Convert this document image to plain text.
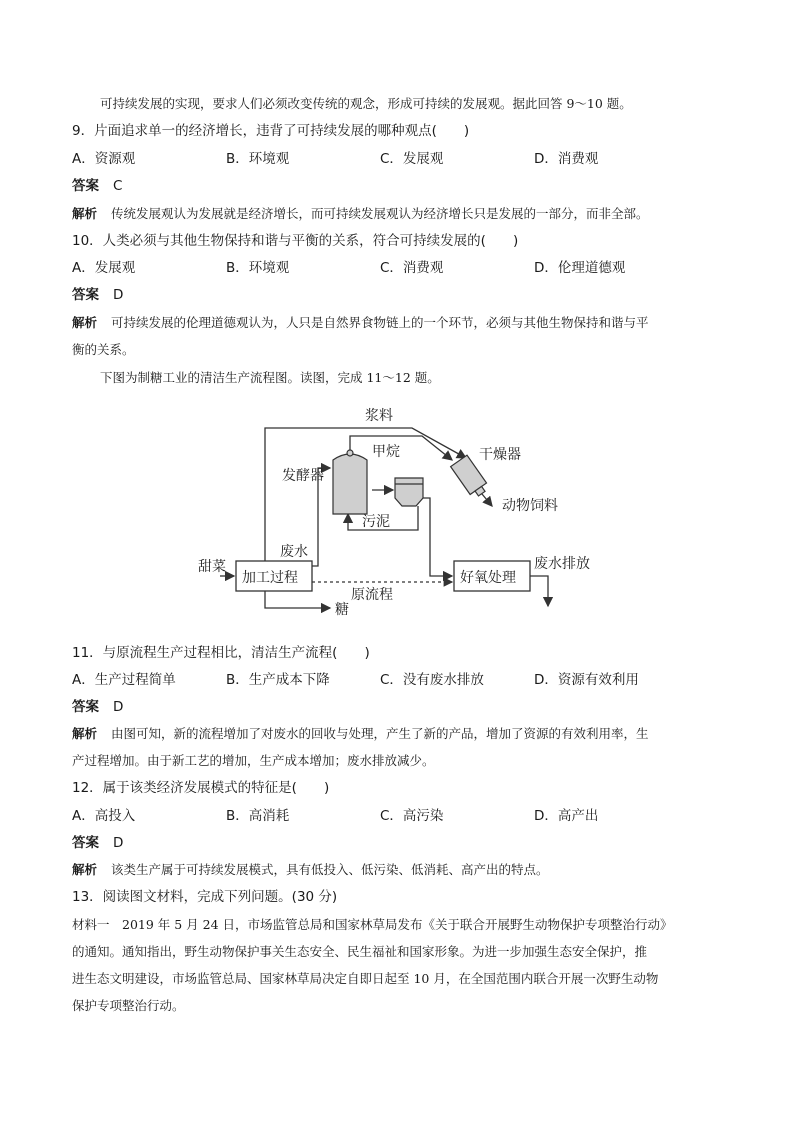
可持续发展的实现，要求人们必须改变传统的观念，形成可持续的发展观。据此回答 9～10 题。
9．片面追求单一的经济增长，违背了可持续发展的哪种观点(　　)
A．资源观	B．环境观	C．发展观	D．消费观
答案 C
解析 传统发展观认为发展就是经济增长，而可持续发展观认为经济增长只是发展的一部分，而非全部。
10．人类必须与其他生物保持和谐与平衡的关系，符合可持续发展的(　　)
A．发展观	B．环境观	C．消费观	D．伦理道德观
答案 D
解析 可持续发展的伦理道德观认为，人只是自然界食物链上的一个环节，必须与其他生物保持和谐与平
衡的关系。
下图为制糖工业的清洁生产流程图。读图，完成 11～12 题。
浆料
甲烷	干燥器
发酵器
动物饲料
污泥
甜菜
废水
加工过程
原流程
好氧处理
废水排放
糖
11．与原流程生产过程相比，清洁生产流程(　　)
A．生产过程简单	B．生产成本下降	C．没有废水排放	D．资源有效利用
答案 D
解析 由图可知，新的流程增加了对废水的回收与处理，产生了新的产品，增加了资源的有效利用率，生
产过程增加。由于新工艺的增加，生产成本增加；废水排放减少。
12．属于该类经济发展模式的特征是(　　)
A．高投入	B．高消耗	C．高污染	D．高产出
答案 D
解析 该类生产属于可持续发展模式，具有低投入、低污染、低消耗、高产出的特点。
13．阅读图文材料，完成下列问题。(30 分)
材料一　2019 年 5 月 24 日，市场监管总局和国家林草局发布《关于联合开展野生动物保护专项整治行动》
的通知。通知指出，野生动物保护事关生态安全、民生福祉和国家形象。为进一步加强生态安全保护，推
进生态文明建设，市场监管总局、国家林草局决定自即日起至 10 月，在全国范围内联合开展一次野生动物
保护专项整治行动。
